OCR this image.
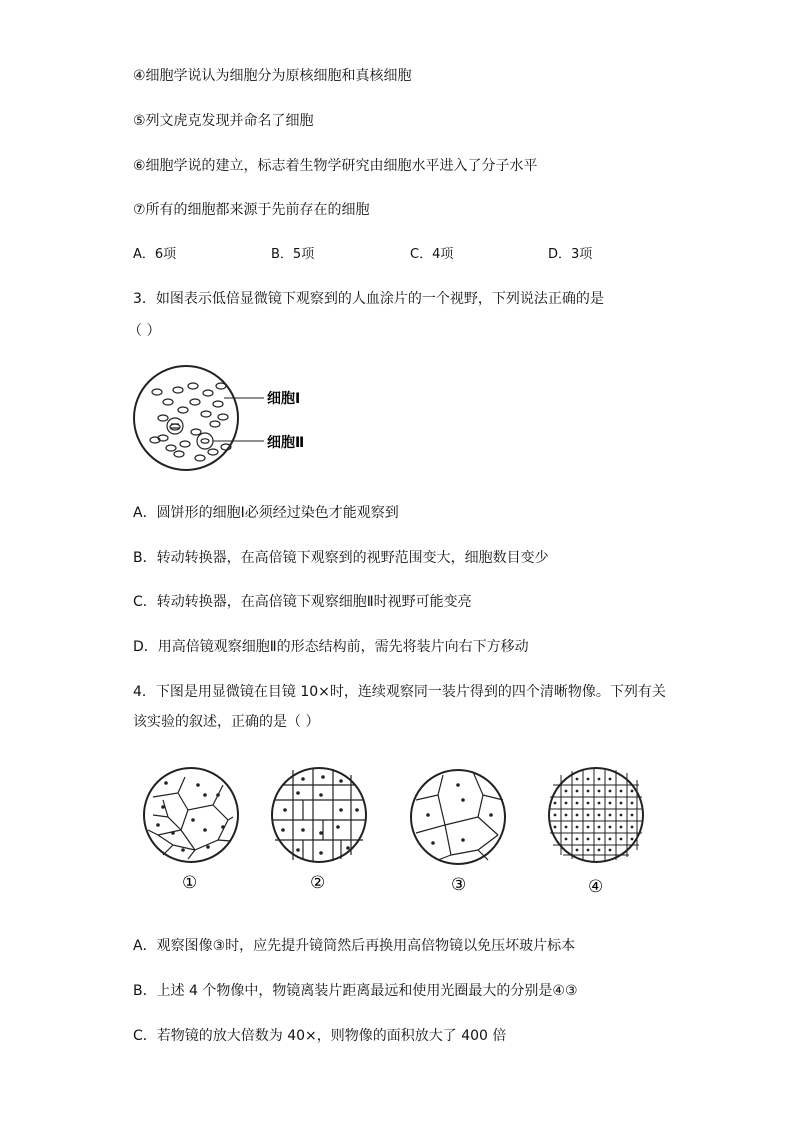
④细胞学说认为细胞分为原核细胞和真核细胞
⑤列文虎克发现并命名了细胞
⑥细胞学说的建立，标志着生物学研究由细胞水平进入了分子水平
⑦所有的细胞都来源于先前存在的细胞
A．6项	B．5项	C．4项	D．3项
3．如图表示低倍显微镜下观察到的人血涂片的一个视野，下列说法正确的是
（ ）
细胞Ⅰ
细胞Ⅱ
A．圆饼形的细胞Ⅰ必须经过染色才能观察到
B．转动转换器，在高倍镜下观察到的视野范围变大，细胞数目变少
C．转动转换器，在高倍镜下观察细胞Ⅱ时视野可能变亮
D．用高倍镜观察细胞Ⅱ的形态结构前，需先将装片向右下方移动
4．下图是用显微镜在目镜 10×时，连续观察同一装片得到的四个清晰物像。下列有关
该实验的叙述，正确的是（ ）
①	②	③	④
A．观察图像③时，应先提升镜筒然后再换用高倍物镜以免压坏玻片标本
B．上述 4 个物像中，物镜离装片距离最远和使用光圈最大的分别是④③
C．若物镜的放大倍数为 40×，则物像的面积放大了 400 倍
